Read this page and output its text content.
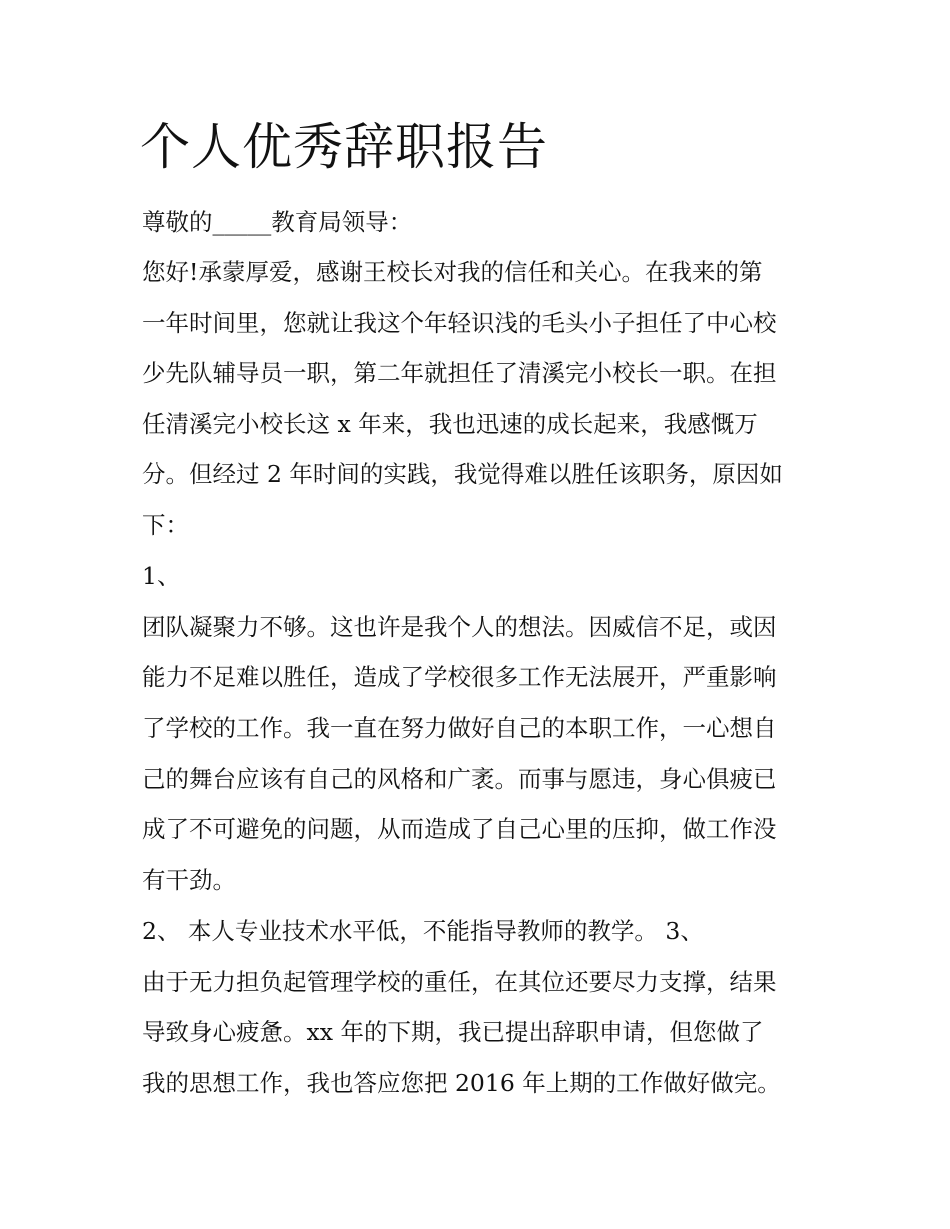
个人优秀辞职报告

尊敬的_____教育局领导：

您好!承蒙厚爱，感谢王校长对我的信任和关心。在我来的第

一年时间里，您就让我这个年轻识浅的毛头小子担任了中心校

少先队辅导员一职，第二年就担任了清溪完小校长一职。在担

任清溪完小校长这 x 年来，我也迅速的成长起来，我感慨万

分。但经过 2 年时间的实践，我觉得难以胜任该职务，原因如

下：

1、

团队凝聚力不够。这也许是我个人的想法。因威信不足，或因

能力不足难以胜任，造成了学校很多工作无法展开，严重影响

了学校的工作。我一直在努力做好自己的本职工作，一心想自

己的舞台应该有自己的风格和广袤。而事与愿违，身心俱疲已

成了不可避免的问题，从而造成了自己心里的压抑，做工作没

有干劲。

2、 本人专业技术水平低，不能指导教师的教学。 3、

由于无力担负起管理学校的重任，在其位还要尽力支撑，结果

导致身心疲惫。xx 年的下期，我已提出辞职申请，但您做了

我的思想工作，我也答应您把 2016 年上期的工作做好做完。
